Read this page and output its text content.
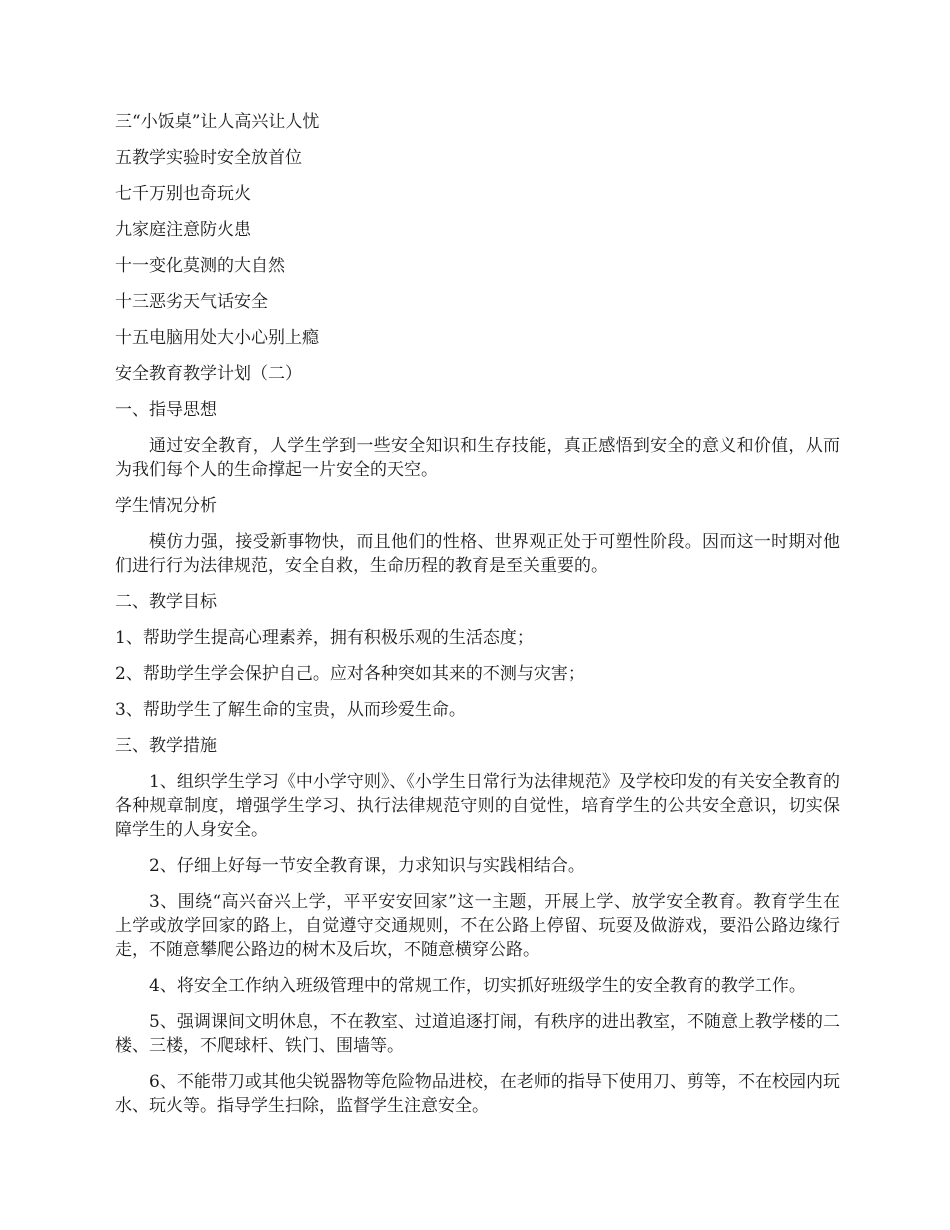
三“小饭桌”让人高兴让人忧

五教学实验时安全放首位

七千万别也奇玩火

九家庭注意防火患

十一变化莫测的大自然

十三恶劣天气话安全

十五电脑用处大小心别上瘾

安全教育教学计划（二）

一、指导思想

通过安全教育，人学生学到一些安全知识和生存技能，真正感悟到安全的意义和价值，从而为我们每个人的生命撑起一片安全的天空。

学生情况分析

模仿力强，接受新事物快，而且他们的性格、世界观正处于可塑性阶段。因而这一时期对他们进行行为法律规范，安全自救，生命历程的教育是至关重要的。

二、教学目标

1、帮助学生提高心理素养，拥有积极乐观的生活态度；

2、帮助学生学会保护自己。应对各种突如其来的不测与灾害；

3、帮助学生了解生命的宝贵，从而珍爱生命。

三、教学措施

1、组织学生学习《中小学守则》、《小学生日常行为法律规范》及学校印发的有关安全教育的各种规章制度，增强学生学习、执行法律规范守则的自觉性，培育学生的公共安全意识，切实保障学生的人身安全。

2、仔细上好每一节安全教育课，力求知识与实践相结合。

3、围绕“高兴奋兴上学，平平安安回家”这一主题，开展上学、放学安全教育。教育学生在上学或放学回家的路上，自觉遵守交通规则，不在公路上停留、玩耍及做游戏，要沿公路边缘行走，不随意攀爬公路边的树木及后坎，不随意横穿公路。

4、将安全工作纳入班级管理中的常规工作，切实抓好班级学生的安全教育的教学工作。

5、强调课间文明休息，不在教室、过道追逐打闹，有秩序的进出教室，不随意上教学楼的二楼、三楼，不爬球杆、铁门、围墙等。

6、不能带刀或其他尖锐器物等危险物品进校，在老师的指导下使用刀、剪等，不在校园内玩水、玩火等。指导学生扫除，监督学生注意安全。
